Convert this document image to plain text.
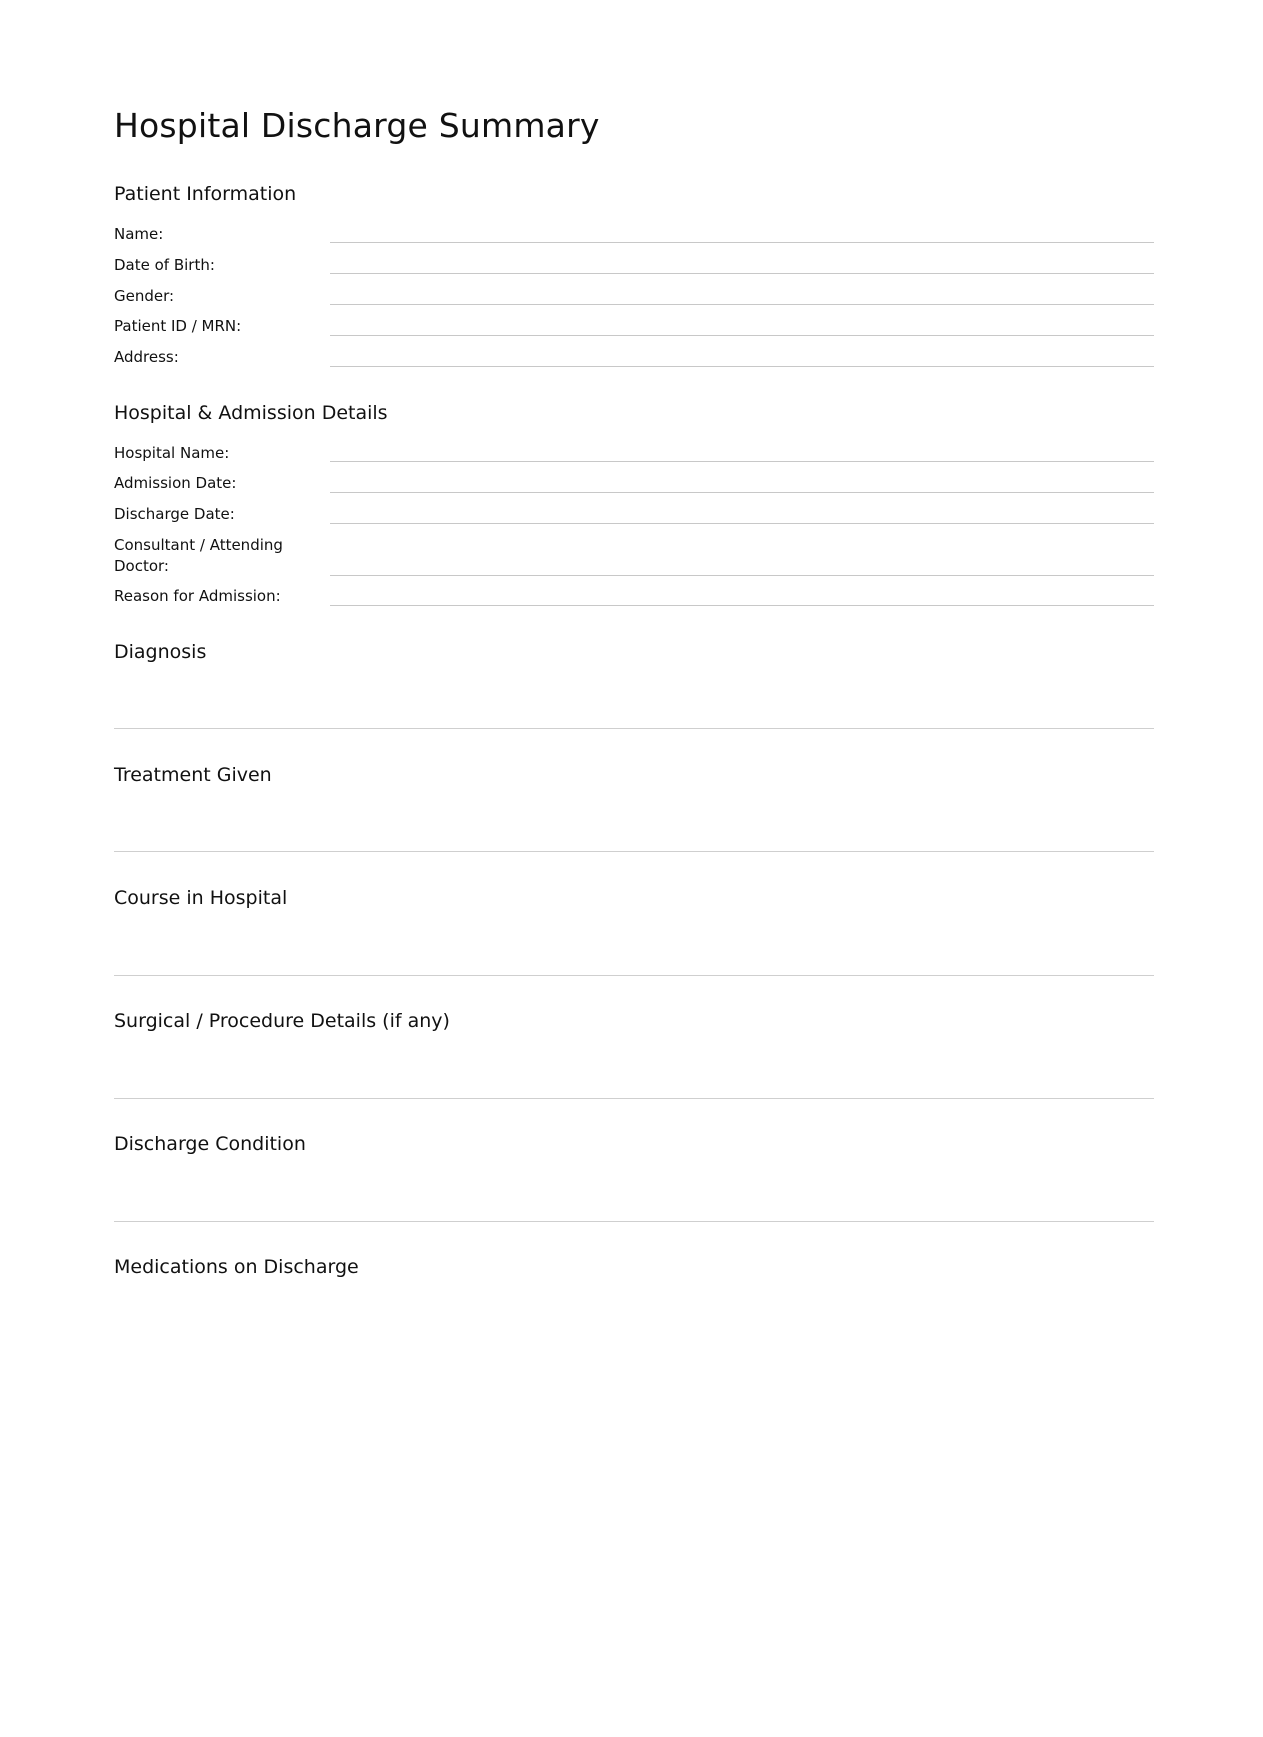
Hospital Discharge Summary
Patient Information
Name:
Date of Birth:
Gender:
Patient ID / MRN:
Address:
Hospital & Admission Details
Hospital Name:
Admission Date:
Discharge Date:
Consultant / Attending Doctor:
Reason for Admission:
Diagnosis
Treatment Given
Course in Hospital
Surgical / Procedure Details (if any)
Discharge Condition
Medications on Discharge
